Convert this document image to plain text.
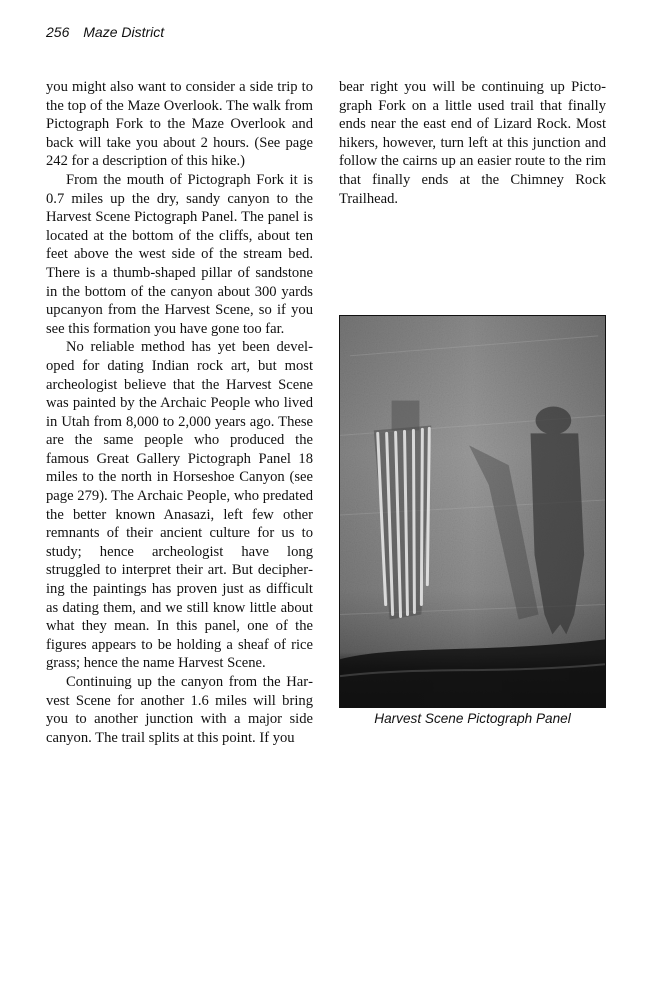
256 Maze District

you might also want to consider a side trip to the top of the Maze Overlook. The walk from Pictograph Fork to the Maze Overlook and back will take you about 2 hours. (See page 242 for a description of this hike.)

From the mouth of Pictograph Fork it is 0.7 miles up the dry, sandy canyon to the Harvest Scene Pictograph Panel. The panel is located at the bottom of the cliffs, about ten feet above the west side of the stream bed. There is a thumb-shaped pillar of sandstone in the bottom of the canyon about 300 yards upcanyon from the Harvest Scene, so if you see this formation you have gone too far.

No reliable method has yet been developed for dating Indian rock art, but most archeologist believe that the Harvest Scene was painted by the Archaic People who lived in Utah from 8,000 to 2,000 years ago. These are the same people who produced the famous Great Gallery Pictograph Panel 18 miles to the north in Horseshoe Canyon (see page 279). The Archaic People, who predated the better known Anasazi, left few other remnants of their ancient culture for us to study; hence archeologist have long struggled to interpret their art. But deciphering the paintings has proven just as difficult as dating them, and we still know little about what they mean. In this panel, one of the figures appears to be holding a sheaf of rice grass; hence the name Harvest Scene.

Continuing up the canyon from the Harvest Scene for another 1.6 miles will bring you to another junction with a major side canyon. The trail splits at this point. If you

bear right you will be continuing up Pictograph Fork on a little used trail that finally ends near the east end of Lizard Rock. Most hikers, however, turn left at this junction and follow the cairns up an easier route to the rim that finally ends at the Chimney Rock Trailhead.

Harvest Scene Pictograph Panel
